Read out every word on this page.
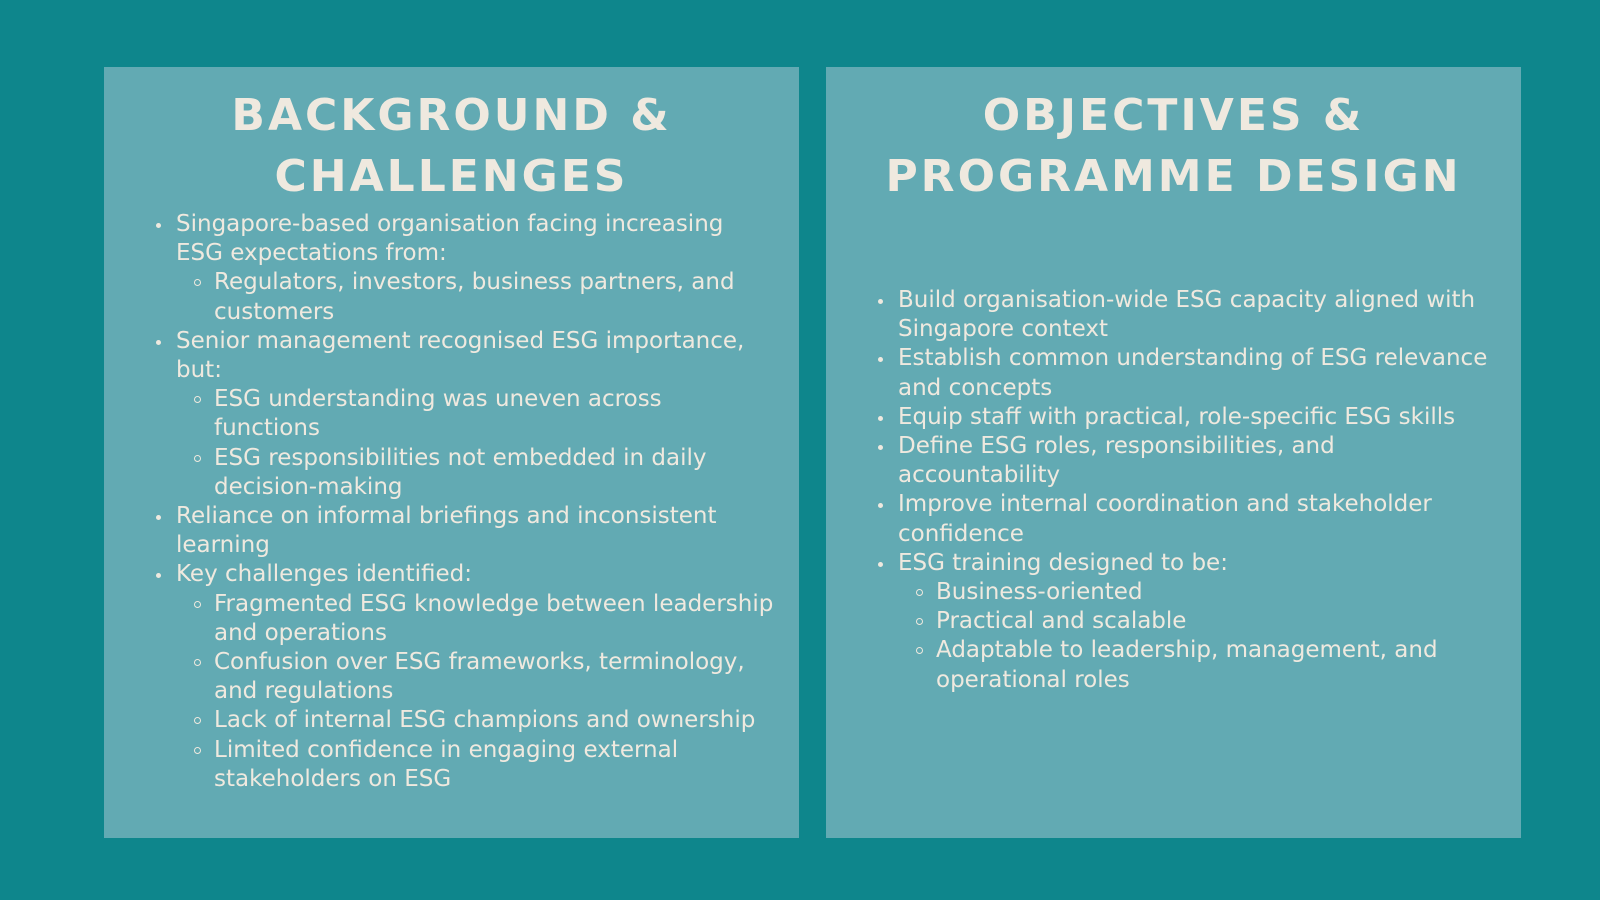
BACKGROUND &
CHALLENGES
Singapore-based organisation facing increasing ESG expectations from:
Regulators, investors, business partners, and customers
Senior management recognised ESG importance, but:
ESG understanding was uneven across functions
ESG responsibilities not embedded in daily decision-making
Reliance on informal briefings and inconsistent learning
Key challenges identified:
Fragmented ESG knowledge between leadership and operations
Confusion over ESG frameworks, terminology, and regulations
Lack of internal ESG champions and ownership
Limited confidence in engaging external stakeholders on ESG
OBJECTIVES &
PROGRAMME DESIGN
Build organisation-wide ESG capacity aligned with Singapore context
Establish common understanding of ESG relevance and concepts
Equip staff with practical, role-specific ESG skills
Define ESG roles, responsibilities, and accountability
Improve internal coordination and stakeholder confidence
ESG training designed to be:
Business-oriented
Practical and scalable
Adaptable to leadership, management, and operational roles
